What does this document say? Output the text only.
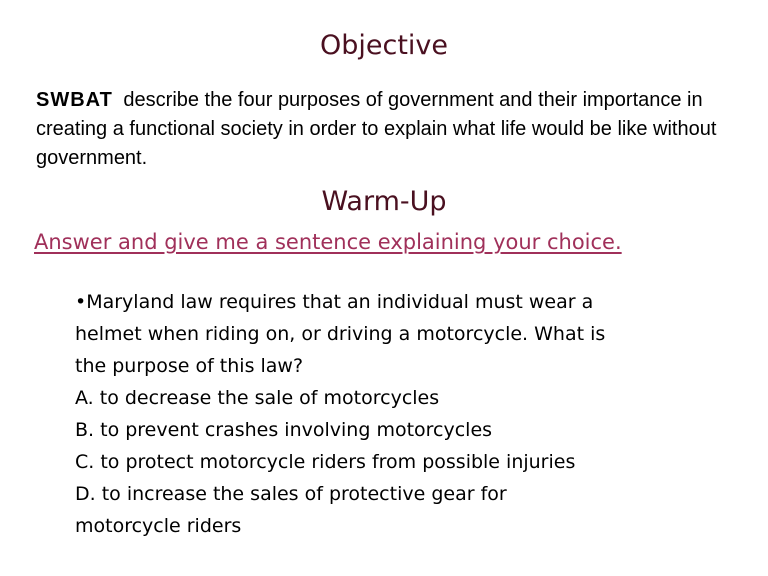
Objective
SWBAT describe the four purposes of government and their importance in creating a functional society in order to explain what life would be like without government.
Warm-Up
Answer and give me a sentence explaining your choice.
•Maryland law requires that an individual must wear a
helmet when riding on, or driving a motorcycle. What is
the purpose of this law?
A. to decrease the sale of motorcycles
B. to prevent crashes involving motorcycles
C. to protect motorcycle riders from possible injuries
D. to increase the sales of protective gear for
motorcycle riders
